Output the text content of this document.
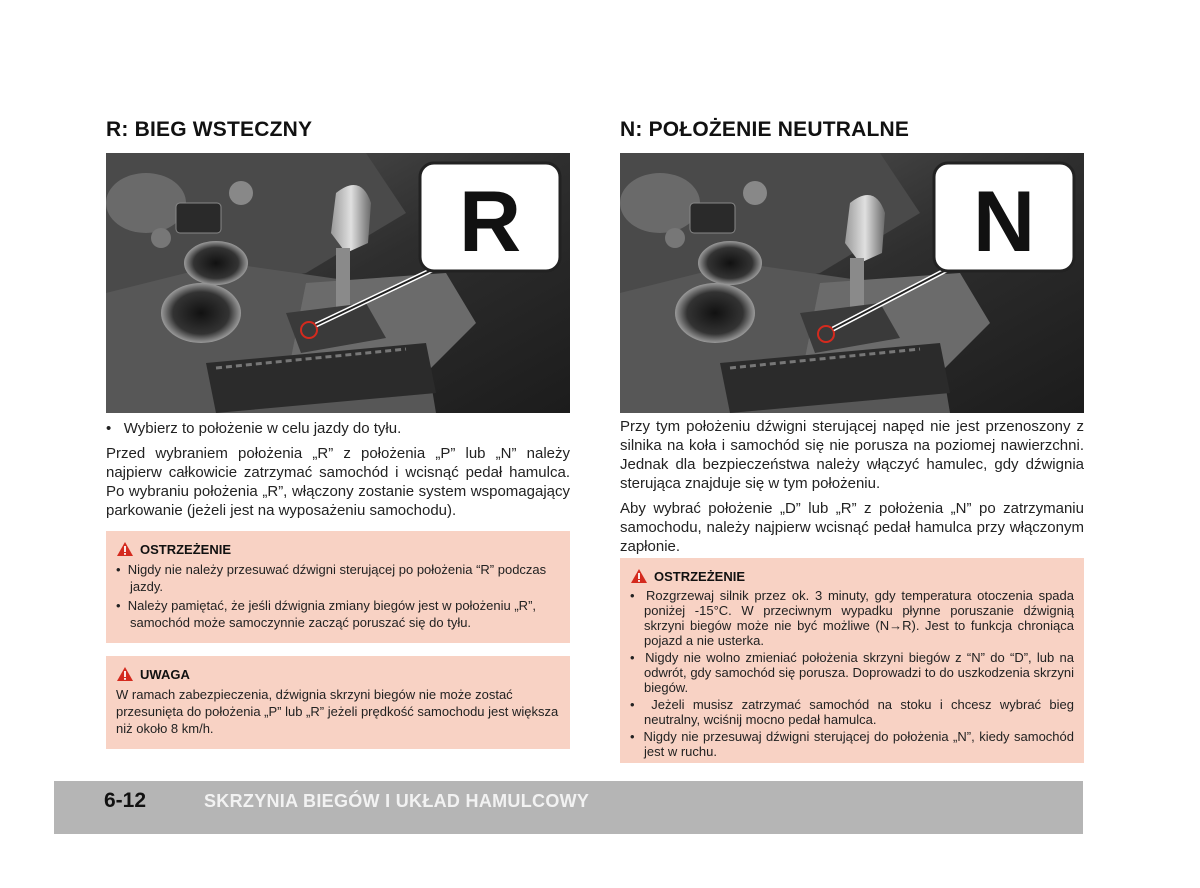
R: BIEG WSTECZNY
R

•   Wybierz to położenie w celu jazdy do tyłu.

Przed wybraniem położenia „R” z położenia „P” lub „N” należy najpierw całkowicie zatrzymać samochód i wcisnąć pedał hamulca. Po wybraniu położenia „R”, włączony zostanie system wspomagający parkowanie (jeżeli jest na wyposażeniu samochodu).

OSTRZEŻENIE
•  Nigdy nie należy przesuwać dźwigni sterującej po położenia “R” podczas jazdy.
•  Należy pamiętać, że jeśli dźwignia zmiany biegów jest w położeniu „R”, samochód może samoczynnie zacząć poruszać się do tyłu.
UWAGA
W ramach zabezpieczenia, dźwignia skrzyni biegów nie może zostać przesunięta do położenia „P” lub „R” jeżeli prędkość samochodu jest większa niż około 8 km/h.
N: POŁOŻENIE NEUTRALNE
N

Przy tym położeniu dźwigni sterującej napęd nie jest przenoszony z silnika na koła i samochód się nie porusza na poziomej nawierzchni. Jednak dla bezpieczeństwa należy włączyć hamulec, gdy dźwignia sterująca znajduje się w tym położeniu.

Aby wybrać położenie „D” lub „R” z położenia „N” po zatrzymaniu samochodu, należy najpierw wcisnąć pedał hamulca przy włączonym zapłonie.

OSTRZEŻENIE
•  Rozgrzewaj silnik przez ok. 3 minuty, gdy temperatura otoczenia spada poniżej -15°C. W przeciwnym wypadku płynne poruszanie dźwignią skrzyni biegów może nie być możliwe (N→R). Jest to funkcja chroniąca pojazd a nie usterka.
•  Nigdy nie wolno zmieniać położenia skrzyni biegów z “N” do “D”, lub na odwrót, gdy samochód się porusza. Doprowadzi to do uszkodzenia skrzyni biegów.
•  Jeżeli musisz zatrzymać samochód na stoku i chcesz wybrać bieg neutralny, wciśnij mocno pedał hamulca.
•  Nigdy nie przesuwaj dźwigni sterującej do położenia „N”, kiedy samochód jest w ruchu.
6-12	SKRZYNIA BIEGÓW I UKŁAD HAMULCOWY
